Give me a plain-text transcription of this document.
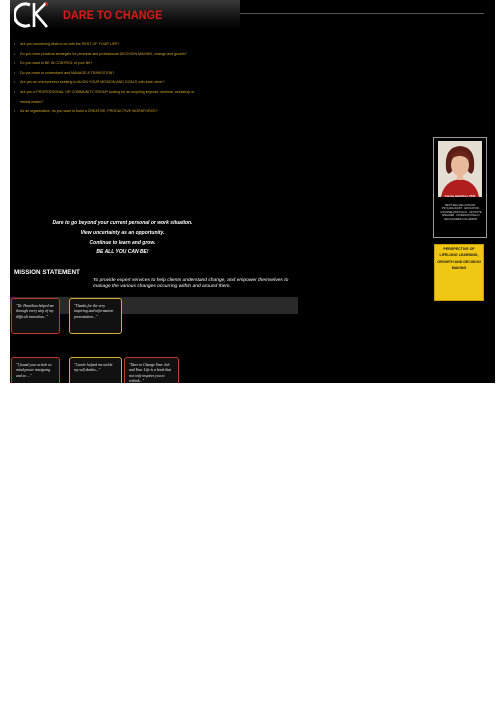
DARE TO CHANGE
• Are you wondering what to do with the REST OF YOUR LIFE?
• Do you need practical strategies for personal and professional DECISION MAKING, change and growth?
• Do you want to BE IN CONTROL of your life?
• Do you want to understand and MANAGE A TRANSITION?
• Are you an entrepreneur seeking to ALIGN YOUR MISSION AND GOALS with each other?
• Are you a PROFESSIONAL OR COMMUNITY GROUP looking for an inspiring keynote, seminar, workshop or
retreat leader?
• As an organization, do you want to build a CREATIVE, PRODUCTIVE WORKFORCE?
Dare to go beyond your current personal or work situation.
View uncertainty as an opportunity.
Continue to learn and grow.
BE ALL YOU CAN BE!
MISSION STATEMENT
To provide expert services to help clients understand change, and empower themselves to manage the various changes occurring within and around them.
"Dr. Hamilton helped me through every step of my difficult transition..."
"Thanks for the very inspiring and information presentation..."
"I found your article so mind power intriguing and so ..."
"Carole helped me tackle my self doubts..."
"Dare to Change Your Job and Your Life is a book that not only inspires you to rethink..."
BEST SELLING AUTHOR · PSYCHOLOGIST · EDUCATOR · COUNSELOR/COACH · KEYNOTE SPEAKER · INTERNATIONALLY RECOGNIZED COLUMNIST
Carole Hamilton, PhD
PERSPECTIVE OF
LIFELONG LEARNING,
GROWTH AND DECISION
MAKING
